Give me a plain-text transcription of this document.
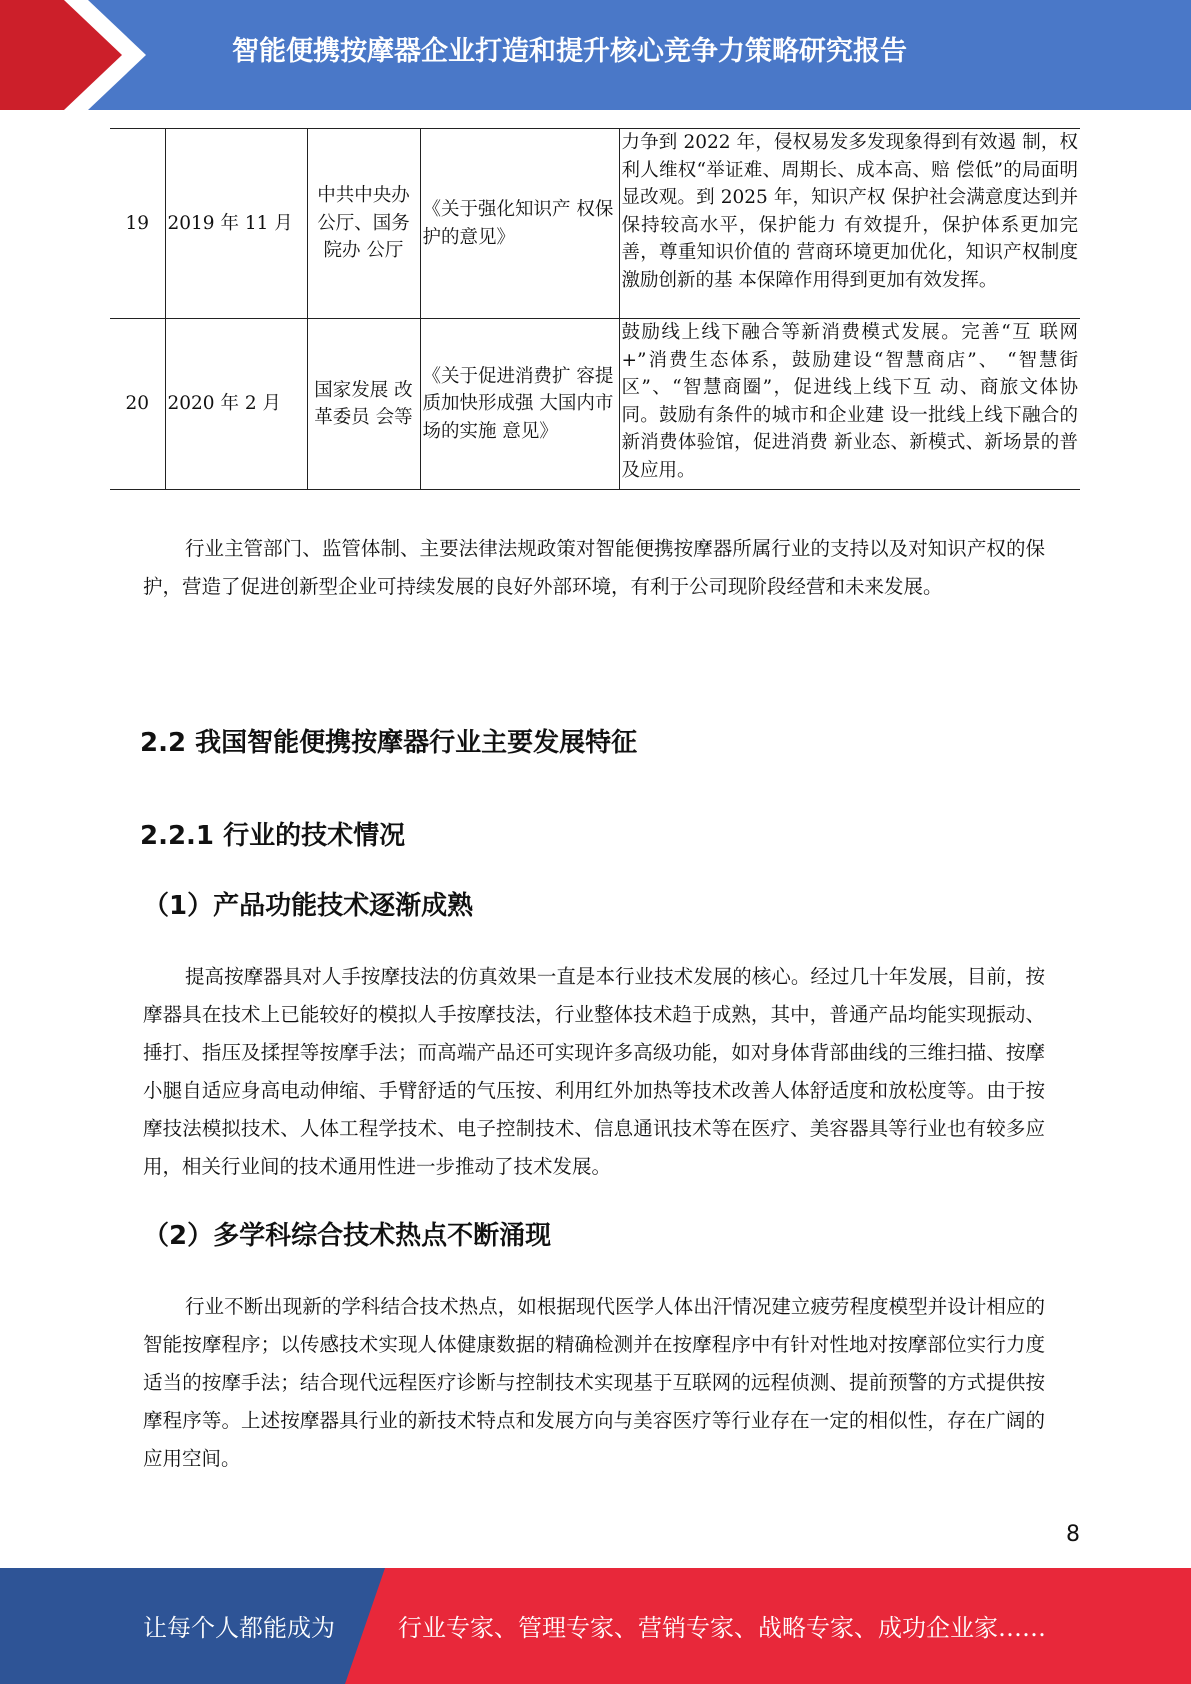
智能便携按摩器企业打造和提升核心竞争力策略研究报告
19	2019 年 11 月	中共中央办公厅、国务院办 公厅	《关于强化知识产 权保护的意见》	力争到 2022 年，侵权易发多发现象得到有效遏 制，权利人维权“举证难、周期长、成本高、赔 偿低”的局面明显改观。到 2025 年，知识产权 保护社会满意度达到并保持较高水平，保护能力 有效提升，保护体系更加完善，尊重知识价值的 营商环境更加优化，知识产权制度激励创新的基 本保障作用得到更加有效发挥。
20	2020 年 2 月	国家发展 改革委员 会等	《关于促进消费扩 容提质加快形成强 大国内市场的实施 意见》	鼓励线上线下融合等新消费模式发展。完善“互 联网+”消费生态体系，鼓励建设“智慧商店”、 “智慧街区”、“智慧商圈”，促进线上线下互 动、商旅文体协同。鼓励有条件的城市和企业建 设一批线上线下融合的新消费体验馆，促进消费 新业态、新模式、新场景的普及应用。

行业主管部门、监管体制、主要法律法规政策对智能便携按摩器所属行业的支持以及对知识产权的保护，营造了促进创新型企业可持续发展的良好外部环境，有利于公司现阶段经营和未来发展。

2.2 我国智能便携按摩器行业主要发展特征
2.2.1 行业的技术情况
（1）产品功能技术逐渐成熟

提高按摩器具对人手按摩技法的仿真效果一直是本行业技术发展的核心。经过几十年发展，目前，按摩器具在技术上已能较好的模拟人手按摩技法，行业整体技术趋于成熟，其中，普通产品均能实现振动、捶打、指压及揉捏等按摩手法；而高端产品还可实现许多高级功能，如对身体背部曲线的三维扫描、按摩小腿自适应身高电动伸缩、手臂舒适的气压按、利用红外加热等技术改善人体舒适度和放松度等。由于按摩技法模拟技术、人体工程学技术、电子控制技术、信息通讯技术等在医疗、美容器具等行业也有较多应用，相关行业间的技术通用性进一步推动了技术发展。

（2）多学科综合技术热点不断涌现

行业不断出现新的学科结合技术热点，如根据现代医学人体出汗情况建立疲劳程度模型并设计相应的智能按摩程序；以传感技术实现人体健康数据的精确检测并在按摩程序中有针对性地对按摩部位实行力度适当的按摩手法；结合现代远程医疗诊断与控制技术实现基于互联网的远程侦测、提前预警的方式提供按摩程序等。上述按摩器具行业的新技术特点和发展方向与美容医疗等行业存在一定的相似性，存在广阔的应用空间。

8
让每个人都能成为	行业专家、管理专家、营销专家、战略专家、成功企业家……
